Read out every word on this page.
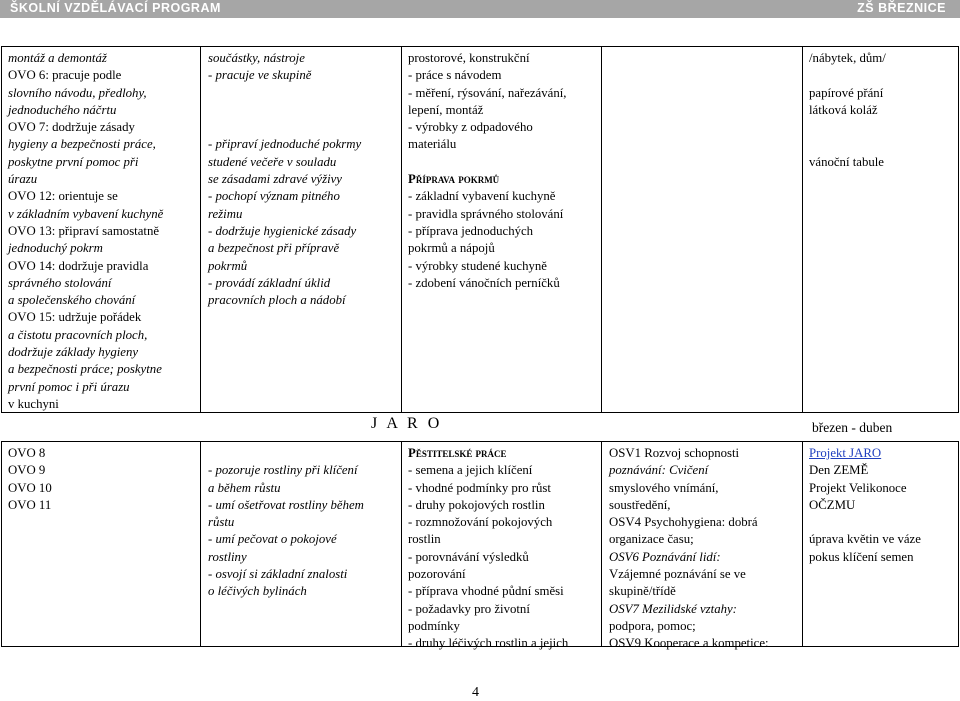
ŠKOLNÍ VZDĚLÁVACÍ PROGRAM	ZŠ BŘEZNICE
montáž a demontáž
OVO 6: pracuje podle
slovního návodu, předlohy,
jednoduchého náčrtu
OVO 7: dodržuje zásady
hygieny a bezpečnosti práce,
poskytne první pomoc při
úrazu
OVO 12: orientuje se
v základním vybavení kuchyně
OVO 13: připraví samostatně
jednoduchý pokrm
OVO 14: dodržuje pravidla
správného stolování
a společenského chování
OVO 15: udržuje pořádek
a čistotu pracovních ploch,
dodržuje základy hygieny
a bezpečnosti práce; poskytne
první pomoc i při úrazu
v kuchyni
součástky, nástroje
- pracuje ve skupině
- připraví jednoduché pokrmy
studené večeře v souladu
se zásadami zdravé výživy
- pochopí význam pitného
režimu
- dodržuje hygienické zásady
a bezpečnost při přípravě
pokrmů
- provádí základní úklid
pracovních ploch a nádobí
prostorové, konstrukční
- práce s návodem
- měření, rýsování, nařezávání,
lepení, montáž
- výrobky z odpadového
materiálu
Příprava pokrmů
- základní vybavení kuchyně
- pravidla správného stolování
- příprava jednoduchých
pokrmů a nápojů
- výrobky studené kuchyně
- zdobení vánočních perníčků
/nábytek, dům/
papírové přání
látková koláž
vánoční tabule
J A R O	březen - duben
OVO 8
OVO 9
OVO 10
OVO 11
- pozoruje rostliny při klíčení
a během růstu
- umí ošetřovat rostliny během
růstu
- umí pečovat o pokojové
rostliny
- osvojí si základní znalosti
o léčivých bylinách
Pěstitelské práce
- semena a jejich klíčení
- vhodné podmínky pro růst
- druhy pokojových rostlin
- rozmnožování pokojových
rostlin
- porovnávání výsledků
pozorování
- příprava vhodné půdní směsi
- požadavky pro životní
podmínky
- druhy léčivých rostlin a jejich
OSV1 Rozvoj schopnosti
poznávání: Cvičení
smyslového vnímání,
soustředění,
OSV4 Psychohygiena: dobrá
organizace času;
OSV6 Poznávání lidí:
Vzájemné poznávání se ve
skupině/třídě
OSV7 Mezilidské vztahy:
podpora, pomoc;
OSV9 Kooperace a kompetice:
Projekt JARO
Den ZEMĚ
Projekt Velikonoce
OČZMU
úprava květin ve váze
pokus klíčení semen
4
